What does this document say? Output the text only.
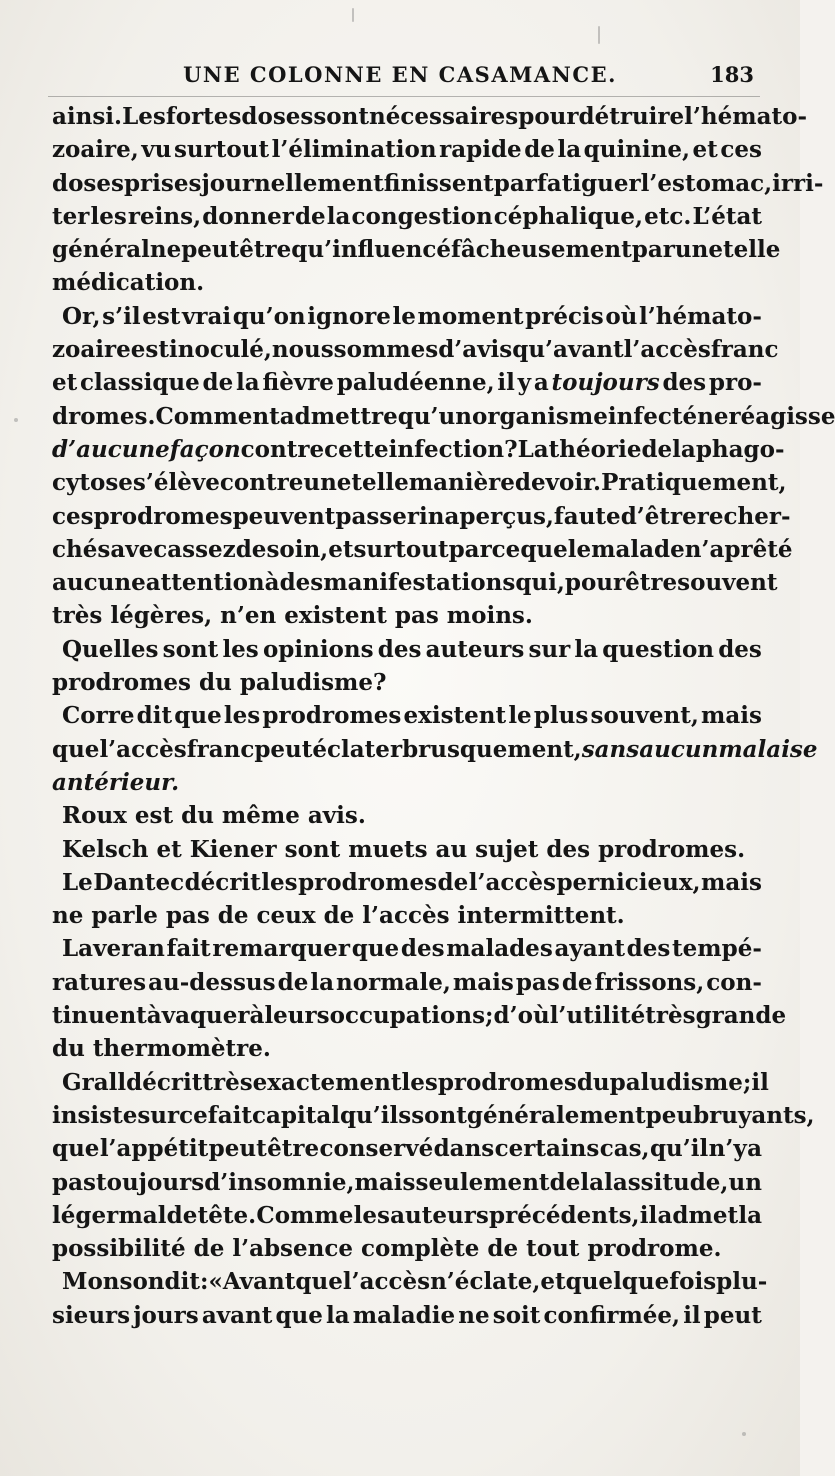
UNE COLONNE EN CASAMANCE.	183
ainsi. Les fortes doses sont nécessaires pour détruire l’hémato-
zoaire, vu surtout l’élimination rapide de la quinine, et ces
doses prises journellement finissent par fatiguer l’estomac, irri-
ter les reins, donner de la congestion céphalique, etc. L’état
général ne peut être qu’influencé fâcheusement par une telle
médication.
Or, s’il est vrai qu’on ignore le moment précis où l’hémato-
zoaire est inoculé, nous sommes d’avis qu’avant l’accès franc
et classique de la fièvre paludéenne, il y a toujours des pro-
dromes. Comment admettre qu’un organisme infecté ne réagisse
d’aucune façon contre cette infection? La théorie de la phago-
cytose s’élève contre une telle manière de voir. Pratiquement,
ces prodromes peuvent passer inaperçus, faute d’être recher-
chés avec assez de soin, et surtout parce que le malade n’a prêté
aucune attention à des manifestations qui, pour être souvent
très légères, n’en existent pas moins.
Quelles sont les opinions des auteurs sur la question des
prodromes du paludisme?
Corre dit que les prodromes existent le plus souvent, mais
que l’accès franc peut éclater brusquement, sans aucun malaise
antérieur.
Roux est du même avis.
Kelsch et Kiener sont muets au sujet des prodromes.
Le Dantec décrit les prodromes de l’accès pernicieux, mais
ne parle pas de ceux de l’accès intermittent.
Laveran fait remarquer que des malades ayant des tempé-
ratures au-dessus de la normale, mais pas de frissons, con-
tinuent à vaquer à leurs occupations; d’où l’utilité très grande
du thermomètre.
Grall décrit très exactement les prodromes du paludisme; il
insiste sur ce fait capital qu’ils sont généralement peu bruyants,
que l’appétit peut être conservé dans certains cas, qu’il n’y a
pas toujours d’insomnie, mais seulement de la lassitude, un
léger mal de tête. Comme les auteurs précédents, il admet la
possibilité de l’absence complète de tout prodrome.
Monson dit: « Avant que l’accès n’éclate, et quelquefois plu-
sieurs jours avant que la maladie ne soit confirmée, il peut
